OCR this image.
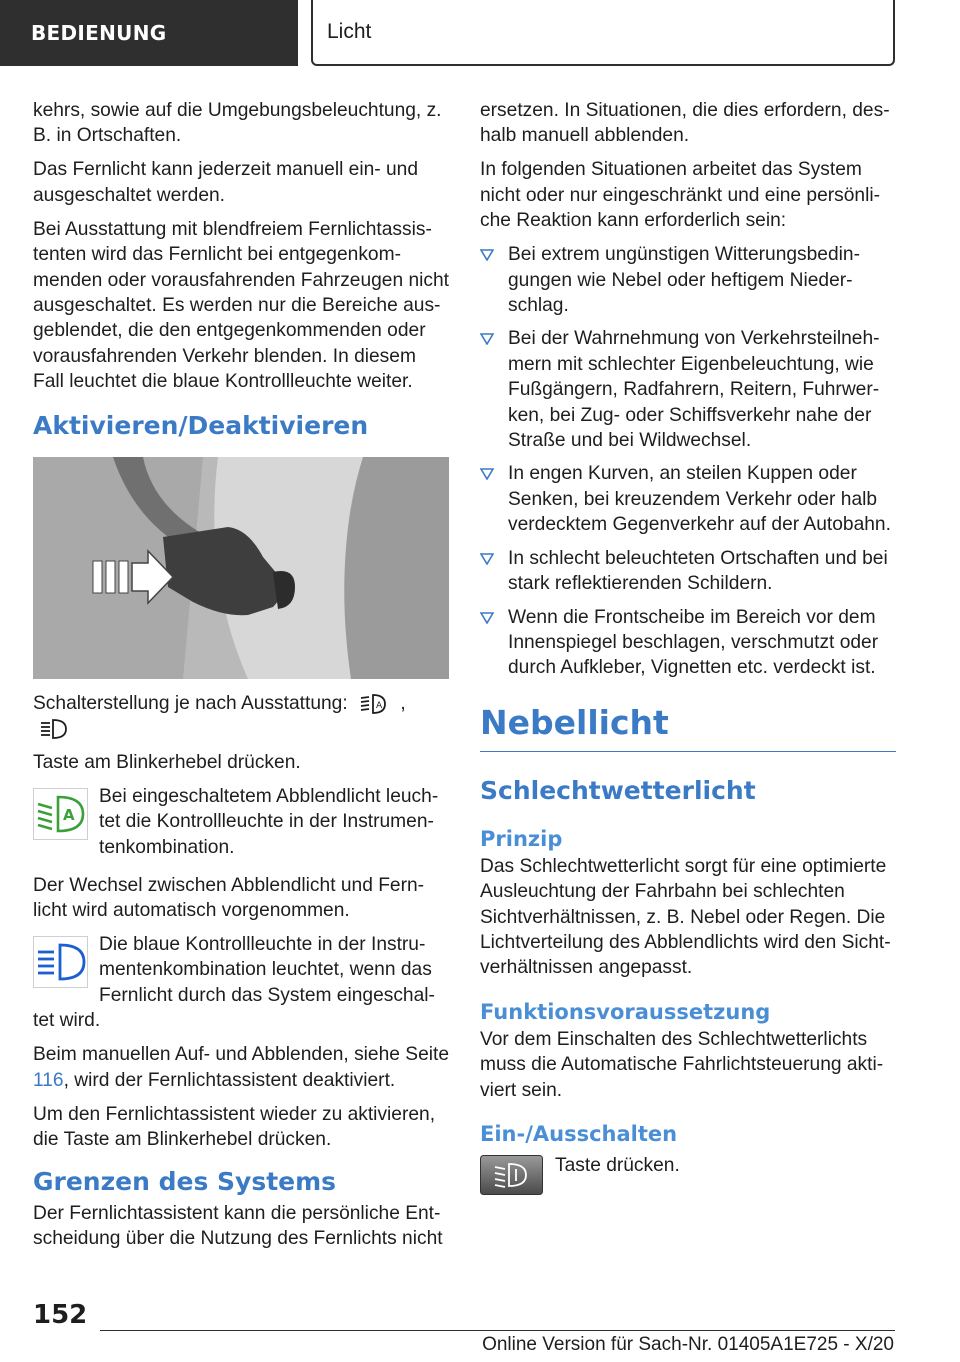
BEDIENUNG	Licht

kehrs, sowie auf die Umgebungsbeleuchtung, z. B. in Ortschaften.

Das Fernlicht kann jederzeit manuell ein- und ausgeschaltet werden.

Bei Ausstattung mit blendfreiem Fernlichtassistenten wird das Fernlicht bei entgegenkommenden oder vorausfahrenden Fahrzeugen nicht ausgeschaltet. Es werden nur die Bereiche ausgeblendet, die den entgegenkommenden oder vorausfahrenden Verkehr blenden. In diesem Fall leuchtet die blaue Kontrollleuchte weiter.

Aktivieren/Deaktivieren

Schalterstellung je nach Ausstattung:	A ,

Taste am Blinkerhebel drücken.

A
Bei eingeschaltetem Abblendlicht leuchtet die Kontrollleuchte in der Instrumentenkombination.

Der Wechsel zwischen Abblendlicht und Fernlicht wird automatisch vorgenommen.

Die blaue Kontrollleuchte in der Instrumentenkombination leuchtet, wenn das Fernlicht durch das System eingeschaltet wird.

Beim manuellen Auf- und Abblenden, siehe Seite 116, wird der Fernlichtassistent deaktiviert.

Um den Fernlichtassistent wieder zu aktivieren, die Taste am Blinkerhebel drücken.

Grenzen des Systems

Der Fernlichtassistent kann die persönliche Entscheidung über die Nutzung des Fernlichts nicht

ersetzen. In Situationen, die dies erfordern, deshalb manuell abblenden.

In folgenden Situationen arbeitet das System nicht oder nur eingeschränkt und eine persönliche Reaktion kann erforderlich sein:

Bei extrem ungünstigen Witterungsbedingungen wie Nebel oder heftigem Niederschlag.
Bei der Wahrnehmung von Verkehrsteilnehmern mit schlechter Eigenbeleuchtung, wie Fußgängern, Radfahrern, Reitern, Fuhrwerken, bei Zug- oder Schiffsverkehr nahe der Straße und bei Wildwechsel.
In engen Kurven, an steilen Kuppen oder Senken, bei kreuzendem Verkehr oder halb verdecktem Gegenverkehr auf der Autobahn.
In schlecht beleuchteten Ortschaften und bei stark reflektierenden Schildern.
Wenn die Frontscheibe im Bereich vor dem Innenspiegel beschlagen, verschmutzt oder durch Aufkleber, Vignetten etc. verdeckt ist.
Nebellicht
Schlechtwetterlicht
Prinzip

Das Schlechtwetterlicht sorgt für eine optimierte Ausleuchtung der Fahrbahn bei schlechten Sichtverhältnissen, z. B. Nebel oder Regen. Die Lichtverteilung des Abblendlichts wird den Sichtverhältnissen angepasst.

Funktionsvoraussetzung

Vor dem Einschalten des Schlechtwetterlichts muss die Automatische Fahrlichtsteuerung aktiviert sein.

Ein-/Ausschalten
Taste drücken.
152
Online Version für Sach-Nr. 01405A1E725 - X/20
